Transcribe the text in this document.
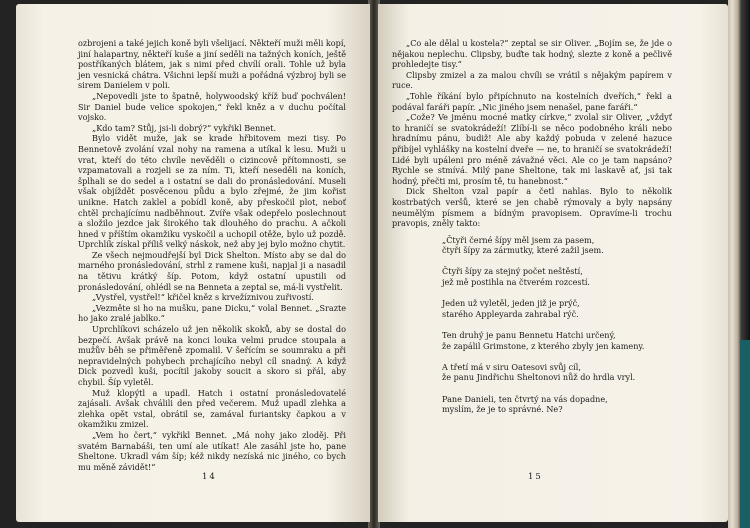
ozbrojeni a také jejich koně byli všelijací. Někteří muži měli kopí, jiní halapartny, někteří kuše a jiní seděli na tažných koních, ještě postříkaných blátem, jak s nimi před chvílí orali. Tohle už byla jen vesnická chátra. Všichni lepší muži a pořádná výzbroj byli se sirem Danielem v poli.

„Nepovedli jste to špatně, holywoodský kříž buď pochválen! Sir Daniel bude velice spokojen,“ řekl kněz a v duchu počítal vojsko.

„Kdo tam? Stůj, jsi-li dobrý?“ vykřikl Bennet.

Bylo vidět muže, jak se krade hřbitovem mezi tisy. Po Bennetově zvolání vzal nohy na ramena a utíkal k lesu. Muži u vrat, kteří do této chvíle nevěděli o cizincově přítomnosti, se vzpamatovali a rozjeli se za ním. Ti, kteří neseděli na koních, šplhali se do sedel a i ostatní se dali do pronásledování. Museli však objíždět posvěcenou půdu a bylo zřejmé, že jim kořist unikne. Hatch zaklel a pobídl koně, aby přeskočil plot, neboť chtěl prchajícímu nadběhnout. Zvíře však odepřelo poslechnout a složilo jezdce jak širokého tak dlouhého do prachu. A ačkoli hned v příštím okamžiku vyskočil a uchopil otěže, bylo už pozdě. Uprchlík získal příliš velký náskok, než aby jej bylo možno chytit.

Ze všech nejmoudřejší byl Dick Shelton. Místo aby se dal do marného pronásledování, strhl z ramene kuši, napjal ji a nasadil na tětivu krátký šíp. Potom, když ostatní upustili od pronásledování, ohlédl se na Benneta a zeptal se, má-li vystřelit.

„Vystřel, vystřel!“ křičel kněz s krvežíznivou zuřivostí.

„Vezměte si ho na mušku, pane Dicku,“ volal Bennet. „Srazte ho jako zralé jablko.“

Uprchlíkovi scházelo už jen několik skoků, aby se dostal do bezpečí. Avšak právě na konci louka velmi prudce stoupala a mužův běh se přiměřeně zpomalil. V šeřícím se soumraku a při nepravidelných pohybech prchajícího nebyl cíl snadný. A když Dick pozvedl kuši, pocítil jakoby soucit a skoro si přál, aby chybil. Šíp vyletěl.

Muž klopýtl a upadl. Hatch i ostatní pronásledovatelé zajásali. Avšak chválili den před večerem. Muž upadl zlehka a zlehka opět vstal, obrátil se, zamával furiantsky čapkou a v okamžiku zmizel.

„Vem ho čert,“ vykřikl Bennet. „Má nohy jako zloděj. Při svatém Barnabáši, ten umí ale utíkat! Ale zasáhl jste ho, pane Sheltone. Ukradl vám šíp; kéž nikdy nezíská nic jiného, co bych mu měně závidět!“

14

„Co ale dělal u kostela?“ zeptal se sir Oliver. „Bojím se, že jde o nějakou neplechu. Clipsby, buďte tak hodný, slezte z koně a pečlivě prohledejte tisy.“

Clipsby zmizel a za malou chvíli se vrátil s nějakým papírem v ruce.

„Tohle říkání bylo připíchnuto na kostelních dveřích,“ řekl a podával faráři papír. „Nic jiného jsem nenašel, pane faráři.“

„Cože? Ve jménu mocné matky církve,“ zvolal sir Oliver, „vždyť to hraničí se svatokrádeží! Zlíbí-li se něco podobného králi nebo hradnímu pánu, budiž! Ale aby každý pobuda v zelené hazuce přibíjel vyhlášky na kostelní dveře — ne, to hraničí se svatokrádeží! Lidé byli upáleni pro méně závažné věci. Ale co je tam napsáno? Rychle se stmívá. Milý pane Sheltone, tak mi laskavě ať, jsi tak hodný, přečti mi, prosím tě, tu hanebnost.“

Dick Shelton vzal papír a četl nahlas. Bylo to několik kostrbatých veršů, které se jen chabě rýmovaly a byly napsány neumělým písmem a bídným pravopisem. Opravíme-li trochu pravopis, zněly takto:

„Čtyři černé šípy měl jsem za pasem,
čtyři šípy za zármutky, které zažil jsem.
Čtyři šípy za stejný počet neštěstí,
jež mě postihla na čtverém rozcestí.
Jeden už vyletěl, jeden již je prýč,
starého Appleyarda zahrabal rýč.
Ten druhý je panu Bennetu Hatchi určený,
že zapálil Grimstone, z kterého zbyly jen kameny.
A třetí má v siru Oatesovi svůj cíl,
že panu Jindřichu Sheltonovi nůž do hrdla vryl.
Pane Danieli, ten čtvrtý na vás dopadne,
myslím, že je to správné. Ne?
15
